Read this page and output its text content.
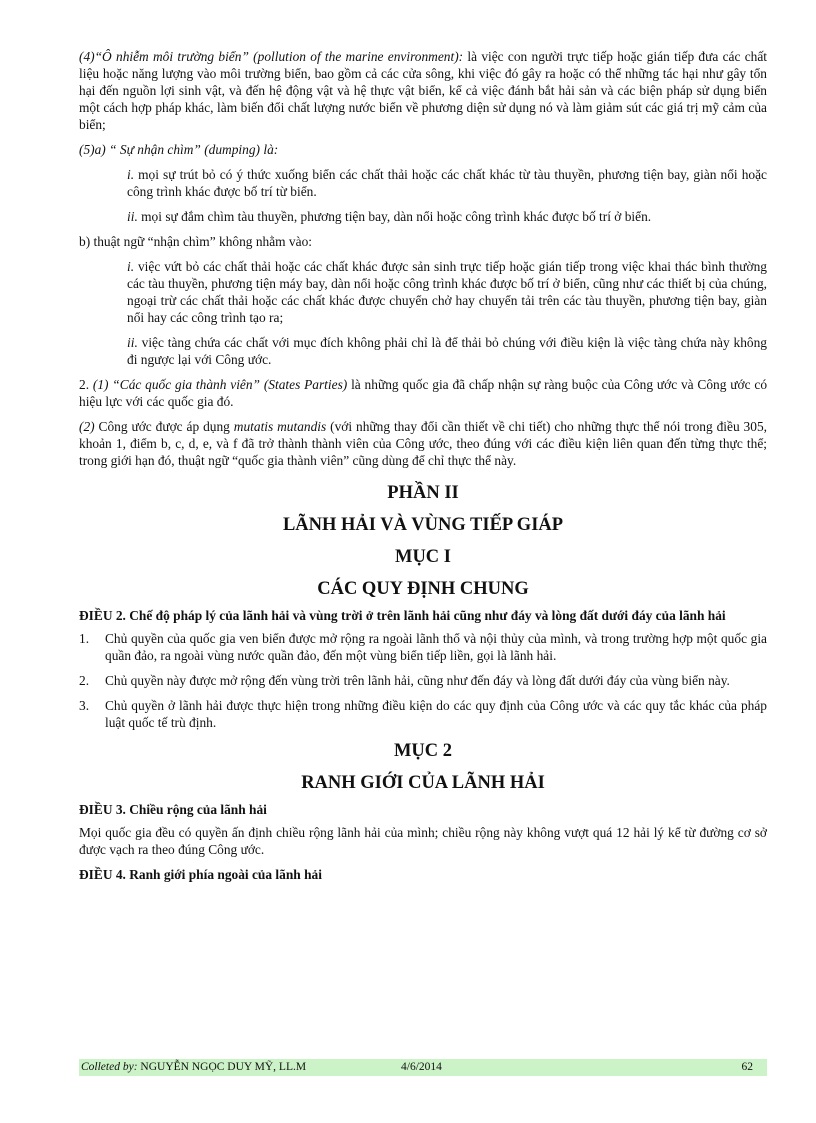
(4)“Ô nhiễm môi trường biển” (pollution of the marine environment): là việc con người trực tiếp hoặc gián tiếp đưa các chất liệu hoặc năng lượng vào môi trường biển, bao gồm cả các cửa sông, khi việc đó gây ra hoặc có thể những tác hại như gây tổn hại đến nguồn lợi sinh vật, và đến hệ động vật và hệ thực vật biển, kể cả việc đánh bắt hải sản và các biện pháp sử dụng biển một cách hợp pháp khác, làm biến đổi chất lượng nước biển về phương diện sử dụng nó và làm giảm sút các giá trị mỹ cảm của biển;

(5)a) “ Sự nhận chìm” (dumping) là:

i. mọi sự trút bỏ có ý thức xuống biển các chất thải hoặc các chất khác từ tàu thuyền, phương tiện bay, giàn nổi hoặc công trình khác được bố trí từ biển.

ii. mọi sự đắm chìm tàu thuyền, phương tiện bay, dàn nổi hoặc công trình khác được bố trí ở biển.

b) thuật ngữ “nhận chìm” không nhằm vào:

i. việc vứt bỏ các chất thải hoặc các chất khác được sản sinh trực tiếp hoặc gián tiếp trong việc khai thác bình thường các tàu thuyền, phương tiện máy bay, dàn nổi hoặc công trình khác được bố trí ở biển, cũng như các thiết bị của chúng, ngoại trừ các chất thải hoặc các chất khác được chuyển chở hay chuyển tải trên các tàu thuyền, phương tiện bay, giàn nổi hay các công trình tạo ra;

ii. việc tàng chứa các chất với mục đích không phải chỉ là để thải bỏ chúng với điều kiện là việc tàng chứa này không đi ngược lại với Công ước.

2. (1) “Các quốc gia thành viên” (States Parties) là những quốc gia đã chấp nhận sự ràng buộc của Công ước và Công ước có hiệu lực với các quốc gia đó.

(2) Công ước được áp dụng mutatis mutandis (với những thay đổi cần thiết về chi tiết) cho những thực thể nói trong điều 305, khoản 1, điểm b, c, d, e, và f đã trở thành thành viên của Công ước, theo đúng với các điều kiện liên quan đến từng thực thể; trong giới hạn đó, thuật ngữ “quốc gia thành viên” cũng dùng để chỉ thực thể này.

PHẦN II
LÃNH HẢI VÀ VÙNG TIẾP GIÁP
MỤC I
CÁC QUY ĐỊNH CHUNG
ĐIỀU 2. Chế độ pháp lý của lãnh hải và vùng trời ở trên lãnh hải cũng như đáy và lòng đất dưới đáy của lãnh hải
1. Chủ quyền của quốc gia ven biển được mở rộng ra ngoài lãnh thổ và nội thủy của mình, và trong trường hợp một quốc gia quần đảo, ra ngoài vùng nước quần đảo, đến một vùng biển tiếp liền, gọi là lãnh hải.
2. Chủ quyền này được mở rộng đến vùng trời trên lãnh hải, cũng như đến đáy và lòng đất dưới đáy của vùng biển này.
3. Chủ quyền ở lãnh hải được thực hiện trong những điều kiện do các quy định của Công ước và các quy tắc khác của pháp luật quốc tế trù định.
MỤC 2
RANH GIỚI CỦA LÃNH HẢI
ĐIỀU 3. Chiều rộng của lãnh hải

Mọi quốc gia đều có quyền ấn định chiều rộng lãnh hải của mình; chiều rộng này không vượt quá 12 hải lý kể từ đường cơ sở được vạch ra theo đúng Công ước.

ĐIỀU 4. Ranh giới phía ngoài của lãnh hải
Colleted by: NGUYỄN NGỌC DUY MỸ, LL.M	4/6/2014	62
